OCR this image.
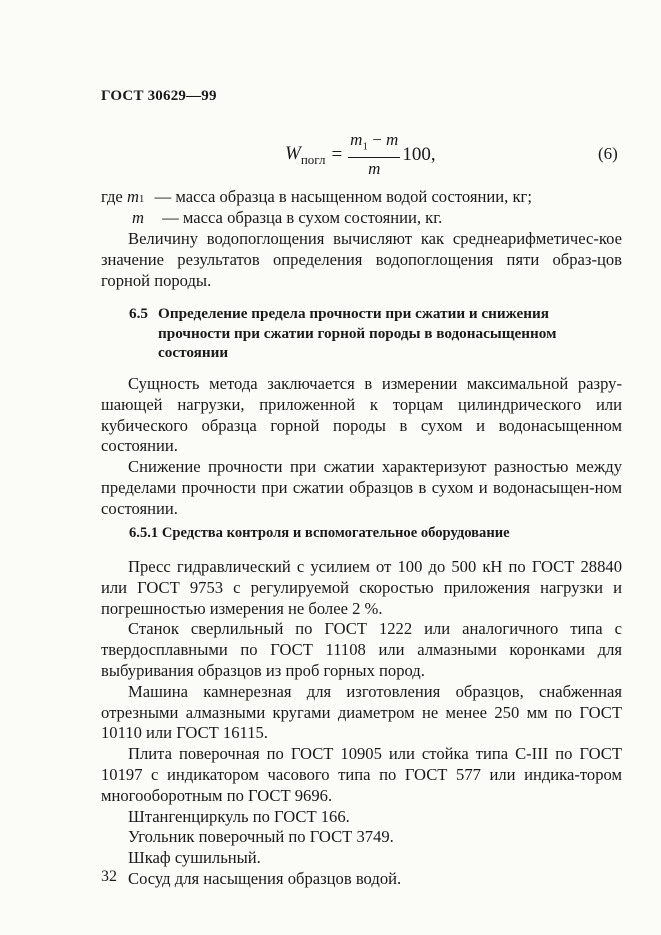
ГОСТ 30629—99
$W_{погл} = \frac{m_1 - m}{m} 100$,	(6)
где $m_1$ — масса образца в насыщенном водой состоянии, кг;
m — масса образца в сухом состоянии, кг.

Величину водопоглощения вычисляют как среднеарифметичес-кое значение результатов определения водопоглощения пяти образ-цов горной породы.

6.5 Определение предела прочности при сжатии и снижения прочности при сжатии горной породы в водонасыщенном состоянии

Сущность метода заключается в измерении максимальной разру-шающей нагрузки, приложенной к торцам цилиндрического или кубического образца горной породы в сухом и водонасыщенном состоянии.

Снижение прочности при сжатии характеризуют разностью между пределами прочности при сжатии образцов в сухом и водонасыщен-ном состоянии.

6.5.1 Средства контроля и вспомогательное оборудование

Пресс гидравлический с усилием от 100 до 500 кН по ГОСТ 28840 или ГОСТ 9753 с регулируемой скоростью приложения нагрузки и погрешностью измерения не более 2 %.

Станок сверлильный по ГОСТ 1222 или аналогичного типа с твердосплавными по ГОСТ 11108 или алмазными коронками для выбуривания образцов из проб горных пород.

Машина камнерезная для изготовления образцов, снабженная отрезными алмазными кругами диаметром не менее 250 мм по ГОСТ 10110 или ГОСТ 16115.

Плита поверочная по ГОСТ 10905 или стойка типа С-III по ГОСТ 10197 с индикатором часового типа по ГОСТ 577 или индика-тором многооборотным по ГОСТ 9696.

Штангенциркуль по ГОСТ 166.

Угольник поверочный по ГОСТ 3749.

Шкаф сушильный.

Сосуд для насыщения образцов водой.

32
